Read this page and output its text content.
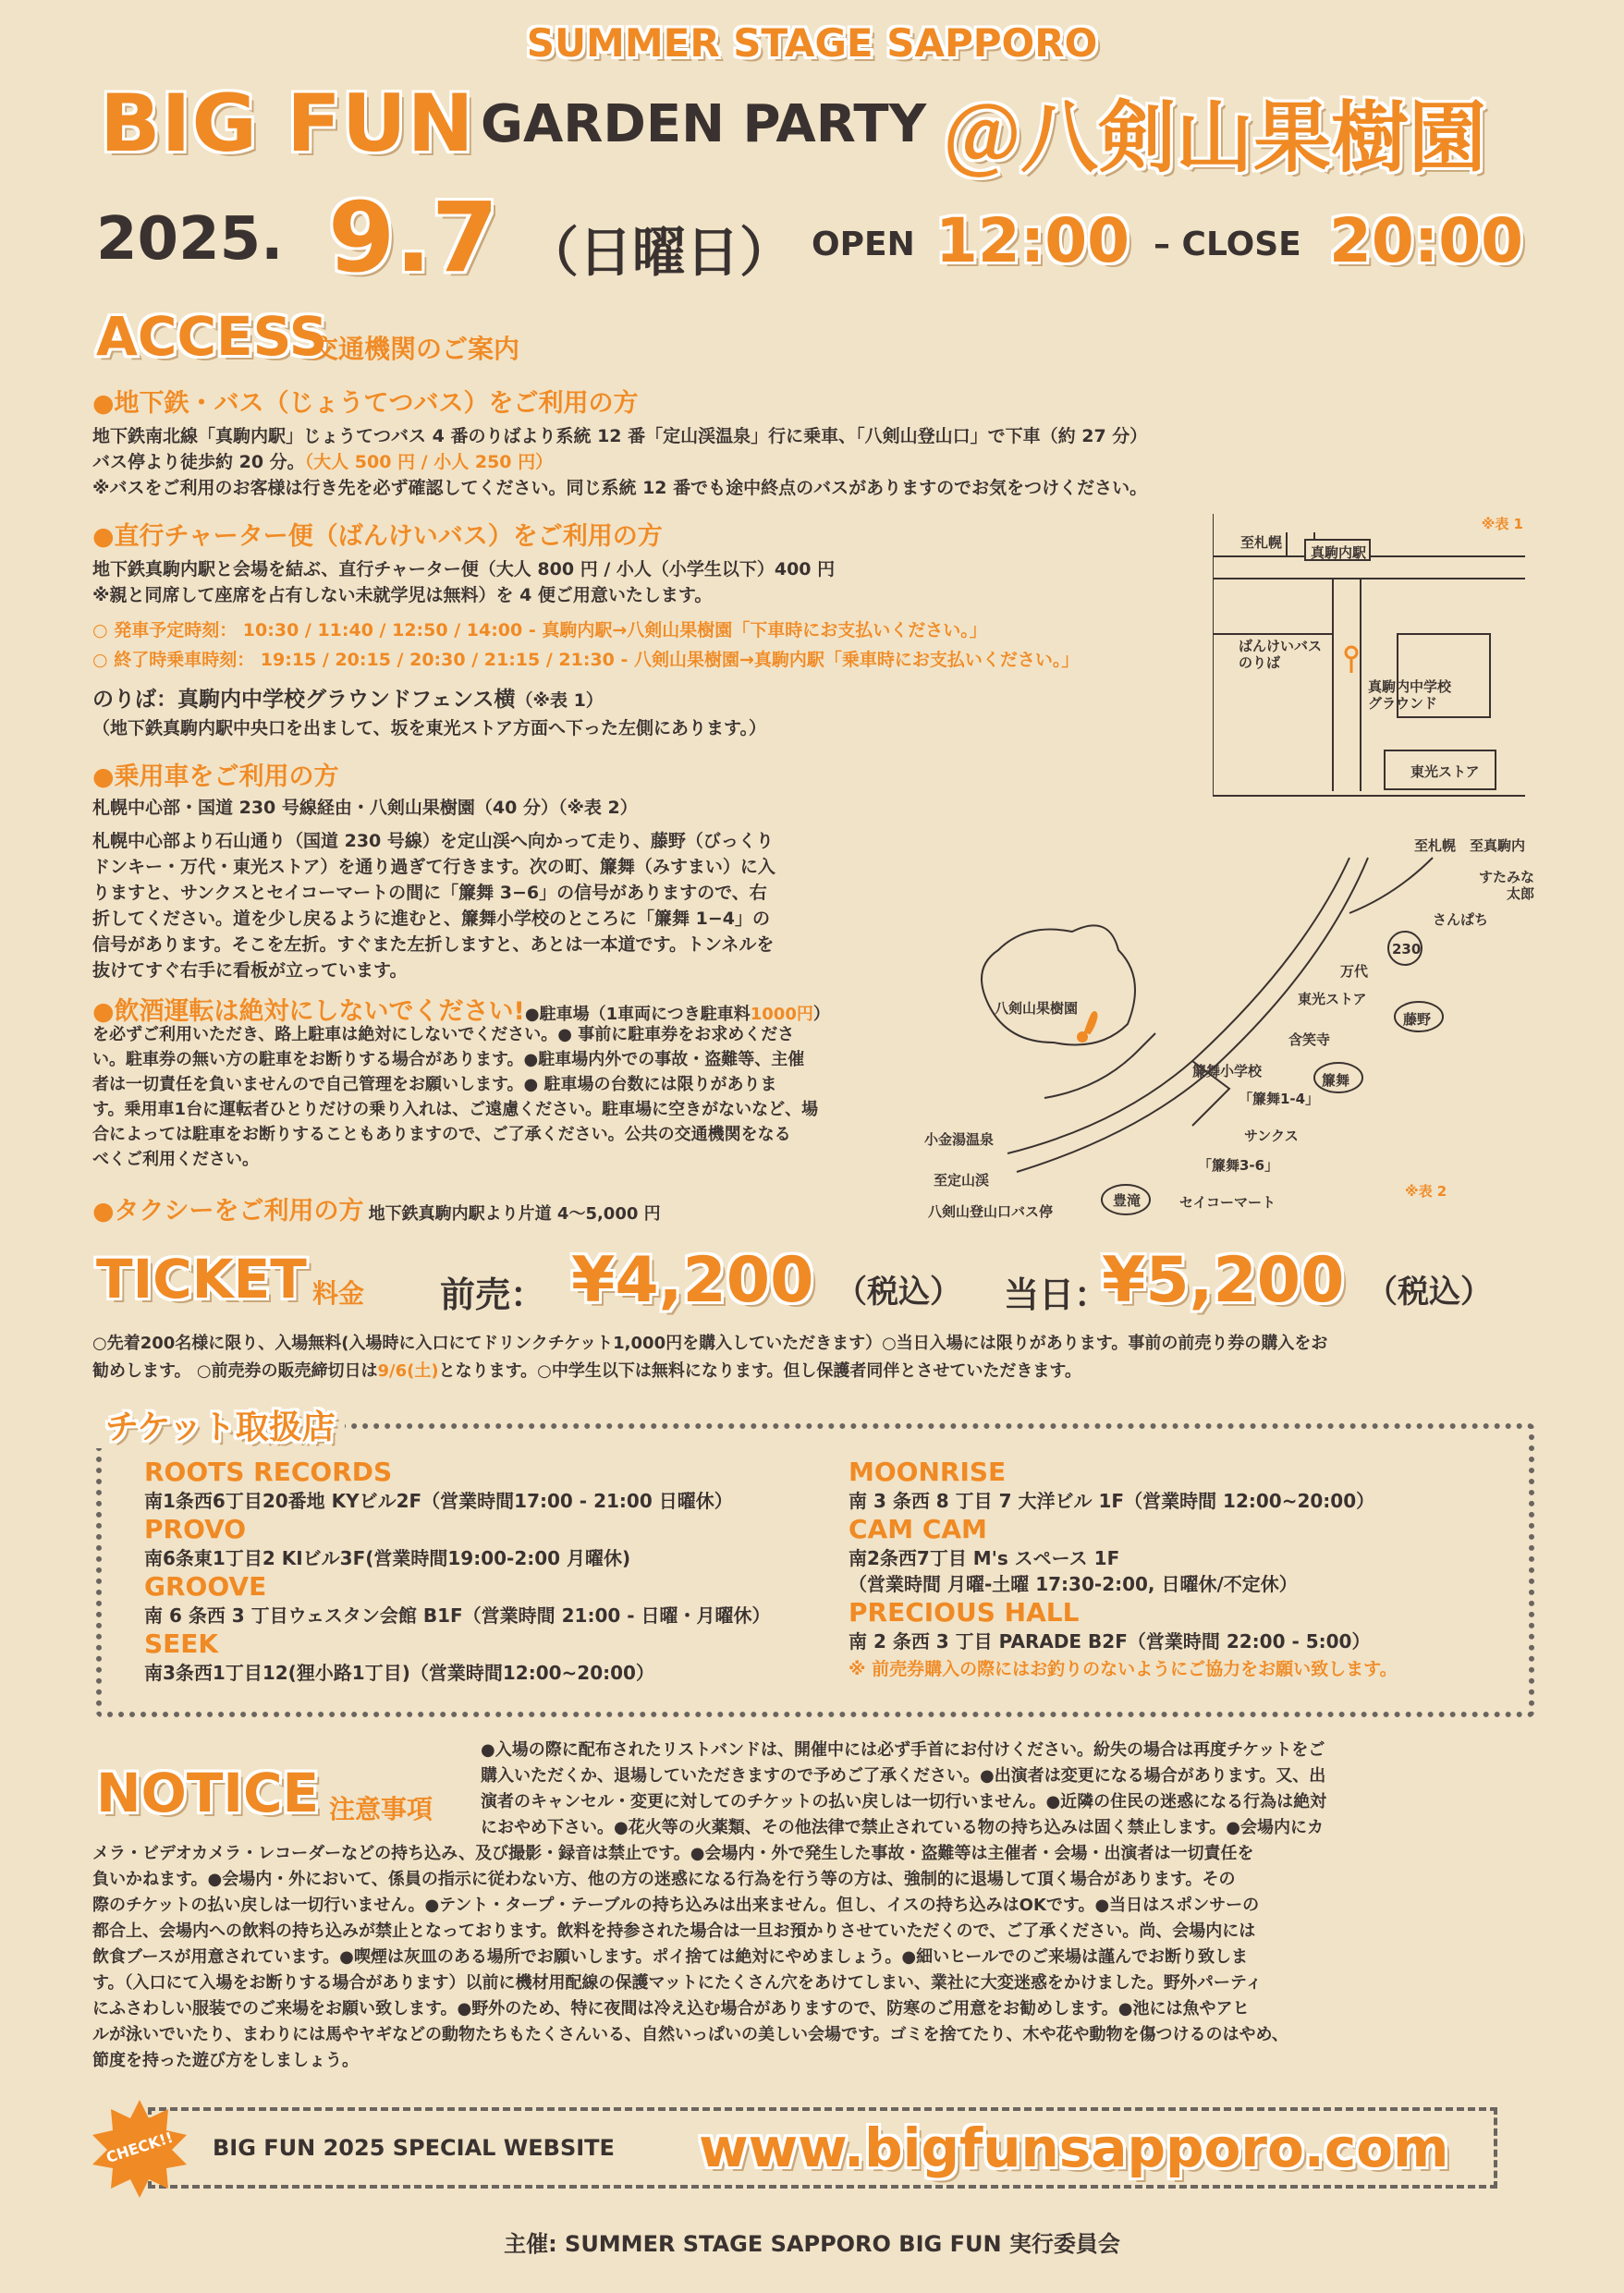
SUMMER STAGE SAPPORO
BIG FUN GARDEN PARTY ＠八剣山果樹園
2025. 9.7 （日曜日） OPEN 12:00 – CLOSE 20:00
ACCESS
交通機関のご案内
●地下鉄・バス（じょうてつバス）をご利用の方
地下鉄南北線「真駒内駅」じょうてつバス 4 番のりばより系統 12 番「定山渓温泉」行に乗車、「八剣山登山口」で下車（約 27 分）
バス停より徒歩約 20 分。（大人 500 円 / 小人 250 円）
※バスをご利用のお客様は行き先を必ず確認してください。同じ系統 12 番でも途中終点のバスがありますのでお気をつけください。
●直行チャーター便（ばんけいバス）をご利用の方
地下鉄真駒内駅と会場を結ぶ、直行チャーター便（大人 800 円 / 小人（小学生以下）400 円
※親と同席して座席を占有しない未就学児は無料）を 4 便ご用意いたします。
○ 発車予定時刻： 10:30 / 11:40 / 12:50 / 14:00 - 真駒内駅→八剣山果樹園「下車時にお支払いください。」
○ 終了時乗車時刻： 19:15 / 20:15 / 20:30 / 21:15 / 21:30 - 八剣山果樹園→真駒内駅「乗車時にお支払いください。」
のりば：真駒内中学校グラウンドフェンス横（※表 1）
（地下鉄真駒内駅中央口を出まして、坂を東光ストア方面へ下った左側にあります。）
●乗用車をご利用の方
札幌中心部・国道 230 号線経由・八剣山果樹園（40 分）（※表 2）
札幌中心部より石山通り（国道 230 号線）を定山渓へ向かって走り、藤野（びっくり
ドンキー・万代・東光ストア）を通り過ぎて行きます。次の町、簾舞（みすまい）に入
りますと、サンクスとセイコーマートの間に「簾舞 3−6」の信号がありますので、右
折してください。道を少し戻るように進むと、簾舞小学校のところに「簾舞 1−4」の
信号があります。そこを左折。すぐまた左折しますと、あとは一本道です。トンネルを
抜けてすぐ右手に看板が立っています。
●飲酒運転は絶対にしないでください!●駐車場（1車両につき駐車料1000円）
を必ずご利用いただき、路上駐車は絶対にしないでください。● 事前に駐車券をお求めくださ
い。駐車券の無い方の駐車をお断りする場合があります。●駐車場内外での事故・盗難等、主催
者は一切責任を負いませんので自己管理をお願いします。● 駐車場の台数には限りがありま
す。乗用車1台に運転者ひとりだけの乗り入れは、ご遠慮ください。駐車場に空きがないなど、場
合によっては駐車をお断りすることもありますので、ご了承ください。公共の交通機関をなる
べくご利用ください。
●タクシーをご利用の方 地下鉄真駒内駅より片道 4〜5,000 円
※表 1
至札幌
真駒内駅
ばんけいバス
のりば
真駒内中学校
グラウンド
東光ストア
至札幌 至真駒内
すたみな
太郎
さんぱち
230
万代
東光ストア
藤野
八剣山果樹園
含笑寺
簾舞小学校
簾舞
「簾舞1-4」
サンクス
小金湯温泉
「簾舞3-6」
至定山渓
豊滝	セイコーマート
八剣山登山口バス停
※表 2
TICKET 料金 前売： ¥4,200 （税込） 当日：
¥5,200 （税込）
○先着200名様に限り、入場無料(入場時に入口にてドリンクチケット1,000円を購入していただきます）○当日入場には限りがあります。事前の前売り券の購入をお
勧めします。 ○前売券の販売締切日は9/6(土)となります。○中学生以下は無料になります。但し保護者同伴とさせていただきます。
チケット取扱店
ROOTS RECORDS
南1条西6丁目20番地 KYビル2F（営業時間17:00 - 21:00 日曜休）
PROVO
南6条東1丁目2 KIビル3F(営業時間19:00-2:00 月曜休)
GROOVE
南 6 条西 3 丁目ウェスタン会館 B1F（営業時間 21:00 - 日曜・月曜休）
SEEK
南3条西1丁目12(狸小路1丁目)（営業時間12:00~20:00）
MOONRISE
南 3 条西 8 丁目 7 大洋ビル 1F（営業時間 12:00~20:00）
CAM CAM
南2条西7丁目 M's スペース 1F
（営業時間 月曜-土曜 17:30-2:00, 日曜休/不定休）
PRECIOUS HALL
南 2 条西 3 丁目 PARADE B2F（営業時間 22:00 - 5:00）
※ 前売券購入の際にはお釣りのないようにご協力をお願い致します。
NOTICE 注意事項
●入場の際に配布されたリストバンドは、開催中には必ず手首にお付けください。紛失の場合は再度チケットをご
購入いただくか、退場していただきますので予めご了承ください。●出演者は変更になる場合があります。又、出
演者のキャンセル・変更に対してのチケットの払い戻しは一切行いません。●近隣の住民の迷惑になる行為は絶対
におやめ下さい。●花火等の火薬類、その他法律で禁止されている物の持ち込みは固く禁止します。●会場内にカ
メラ・ビデオカメラ・レコーダーなどの持ち込み、及び撮影・録音は禁止です。●会場内・外で発生した事故・盗難等は主催者・会場・出演者は一切責任を
負いかねます。●会場内・外において、係員の指示に従わない方、他の方の迷惑になる行為を行う等の方は、強制的に退場して頂く場合があります。その
際のチケットの払い戻しは一切行いません。●テント・タープ・テーブルの持ち込みは出来ません。但し、イスの持ち込みはOKです。●当日はスポンサーの
都合上、会場内への飲料の持ち込みが禁止となっております。飲料を持参された場合は一旦お預かりさせていただくので、ご了承ください。尚、会場内には
飲食ブースが用意されています。●喫煙は灰皿のある場所でお願いします。ポイ捨ては絶対にやめましょう。●細いヒールでのご来場は謹んでお断り致しま
す。（入口にて入場をお断りする場合があります）以前に機材用配線の保護マットにたくさん穴をあけてしまい、業社に大変迷惑をかけました。野外パーティ
にふさわしい服装でのご来場をお願い致します。●野外のため、特に夜間は冷え込む場合がありますので、防寒のご用意をお勧めします。●池には魚やアヒ
ルが泳いでいたり、まわりには馬やヤギなどの動物たちもたくさんいる、自然いっぱいの美しい会場です。ゴミを捨てたり、木や花や動物を傷つけるのはやめ、
節度を持った遊び方をしましょう。
CHECK!!	BIG FUN 2025 SPECIAL WEBSITE www.bigfunsapporo.com
主催: SUMMER STAGE SAPPORO BIG FUN 実行委員会
